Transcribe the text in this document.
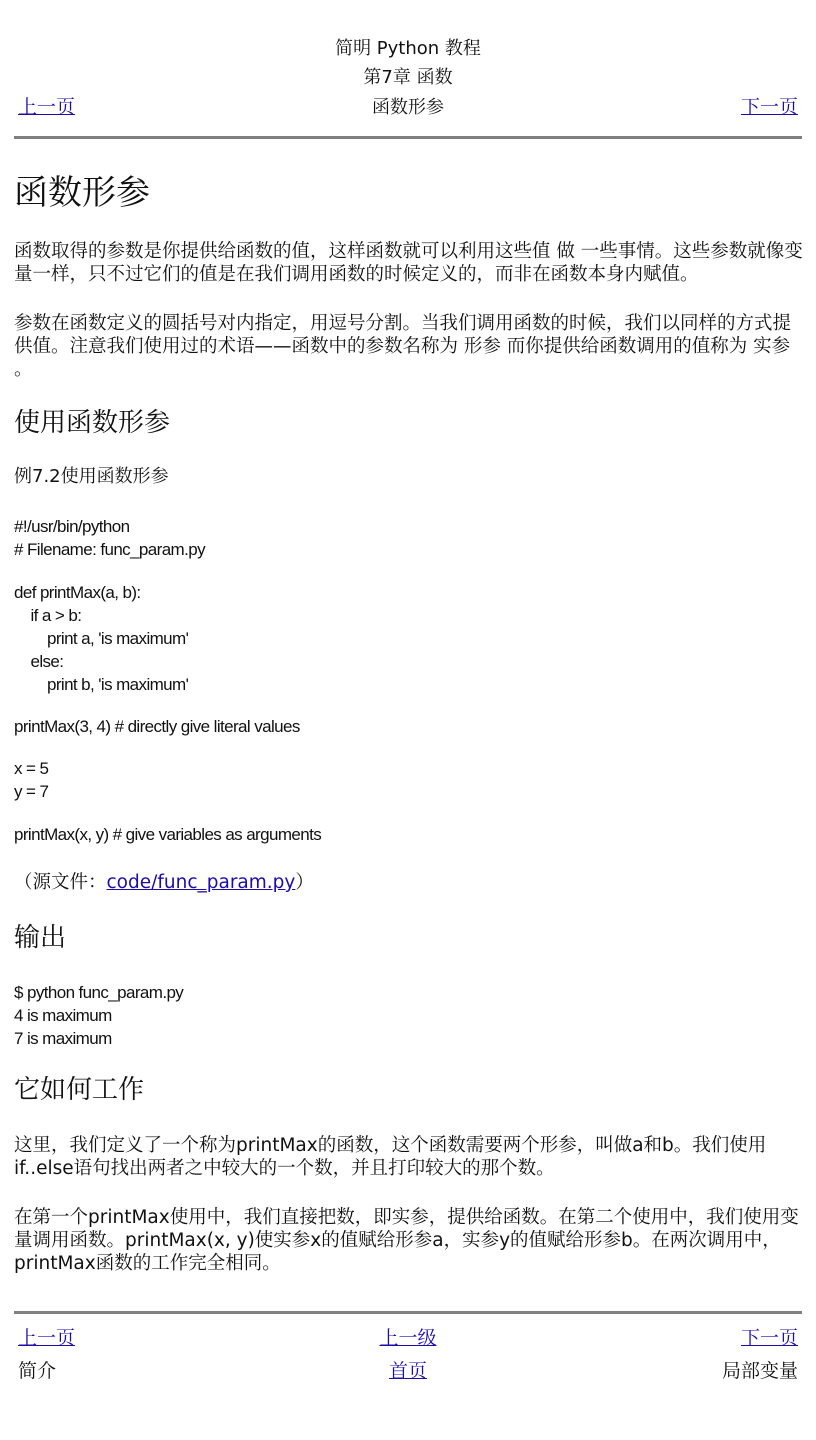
简明 Python 教程
第7章 函数
函数形参
上一页	下一页
函数形参

函数取得的参数是你提供给函数的值，这样函数就可以利用这些值 做 一些事情。这些参数就像变量一样，只不过它们的值是在我们调用函数的时候定义的，而非在函数本身内赋值。

参数在函数定义的圆括号对内指定，用逗号分割。当我们调用函数的时候，我们以同样的方式提供值。注意我们使用过的术语——函数中的参数名称为 形参 而你提供给函数调用的值称为 实参 。

使用函数形参
例7.2使用函数形参
#!/usr/bin/python
# Filename: func_param.py
def printMax(a, b):
if a > b:
print a, 'is maximum'
else:
print b, 'is maximum'
printMax(3, 4) # directly give literal values
x = 5
y = 7
printMax(x, y) # give variables as arguments

（源文件：code/func_param.py）

输出
$ python func_param.py
4 is maximum
7 is maximum
它如何工作

这里，我们定义了一个称为printMax的函数，这个函数需要两个形参，叫做a和b。我们使用if..else语句找出两者之中较大的一个数，并且打印较大的那个数。

在第一个printMax使用中，我们直接把数，即实参，提供给函数。在第二个使用中，我们使用变量调用函数。printMax(x, y)使实参x的值赋给形参a，实参y的值赋给形参b。在两次调用中，printMax函数的工作完全相同。

上一页	上一级	下一页
简介	首页	局部变量
